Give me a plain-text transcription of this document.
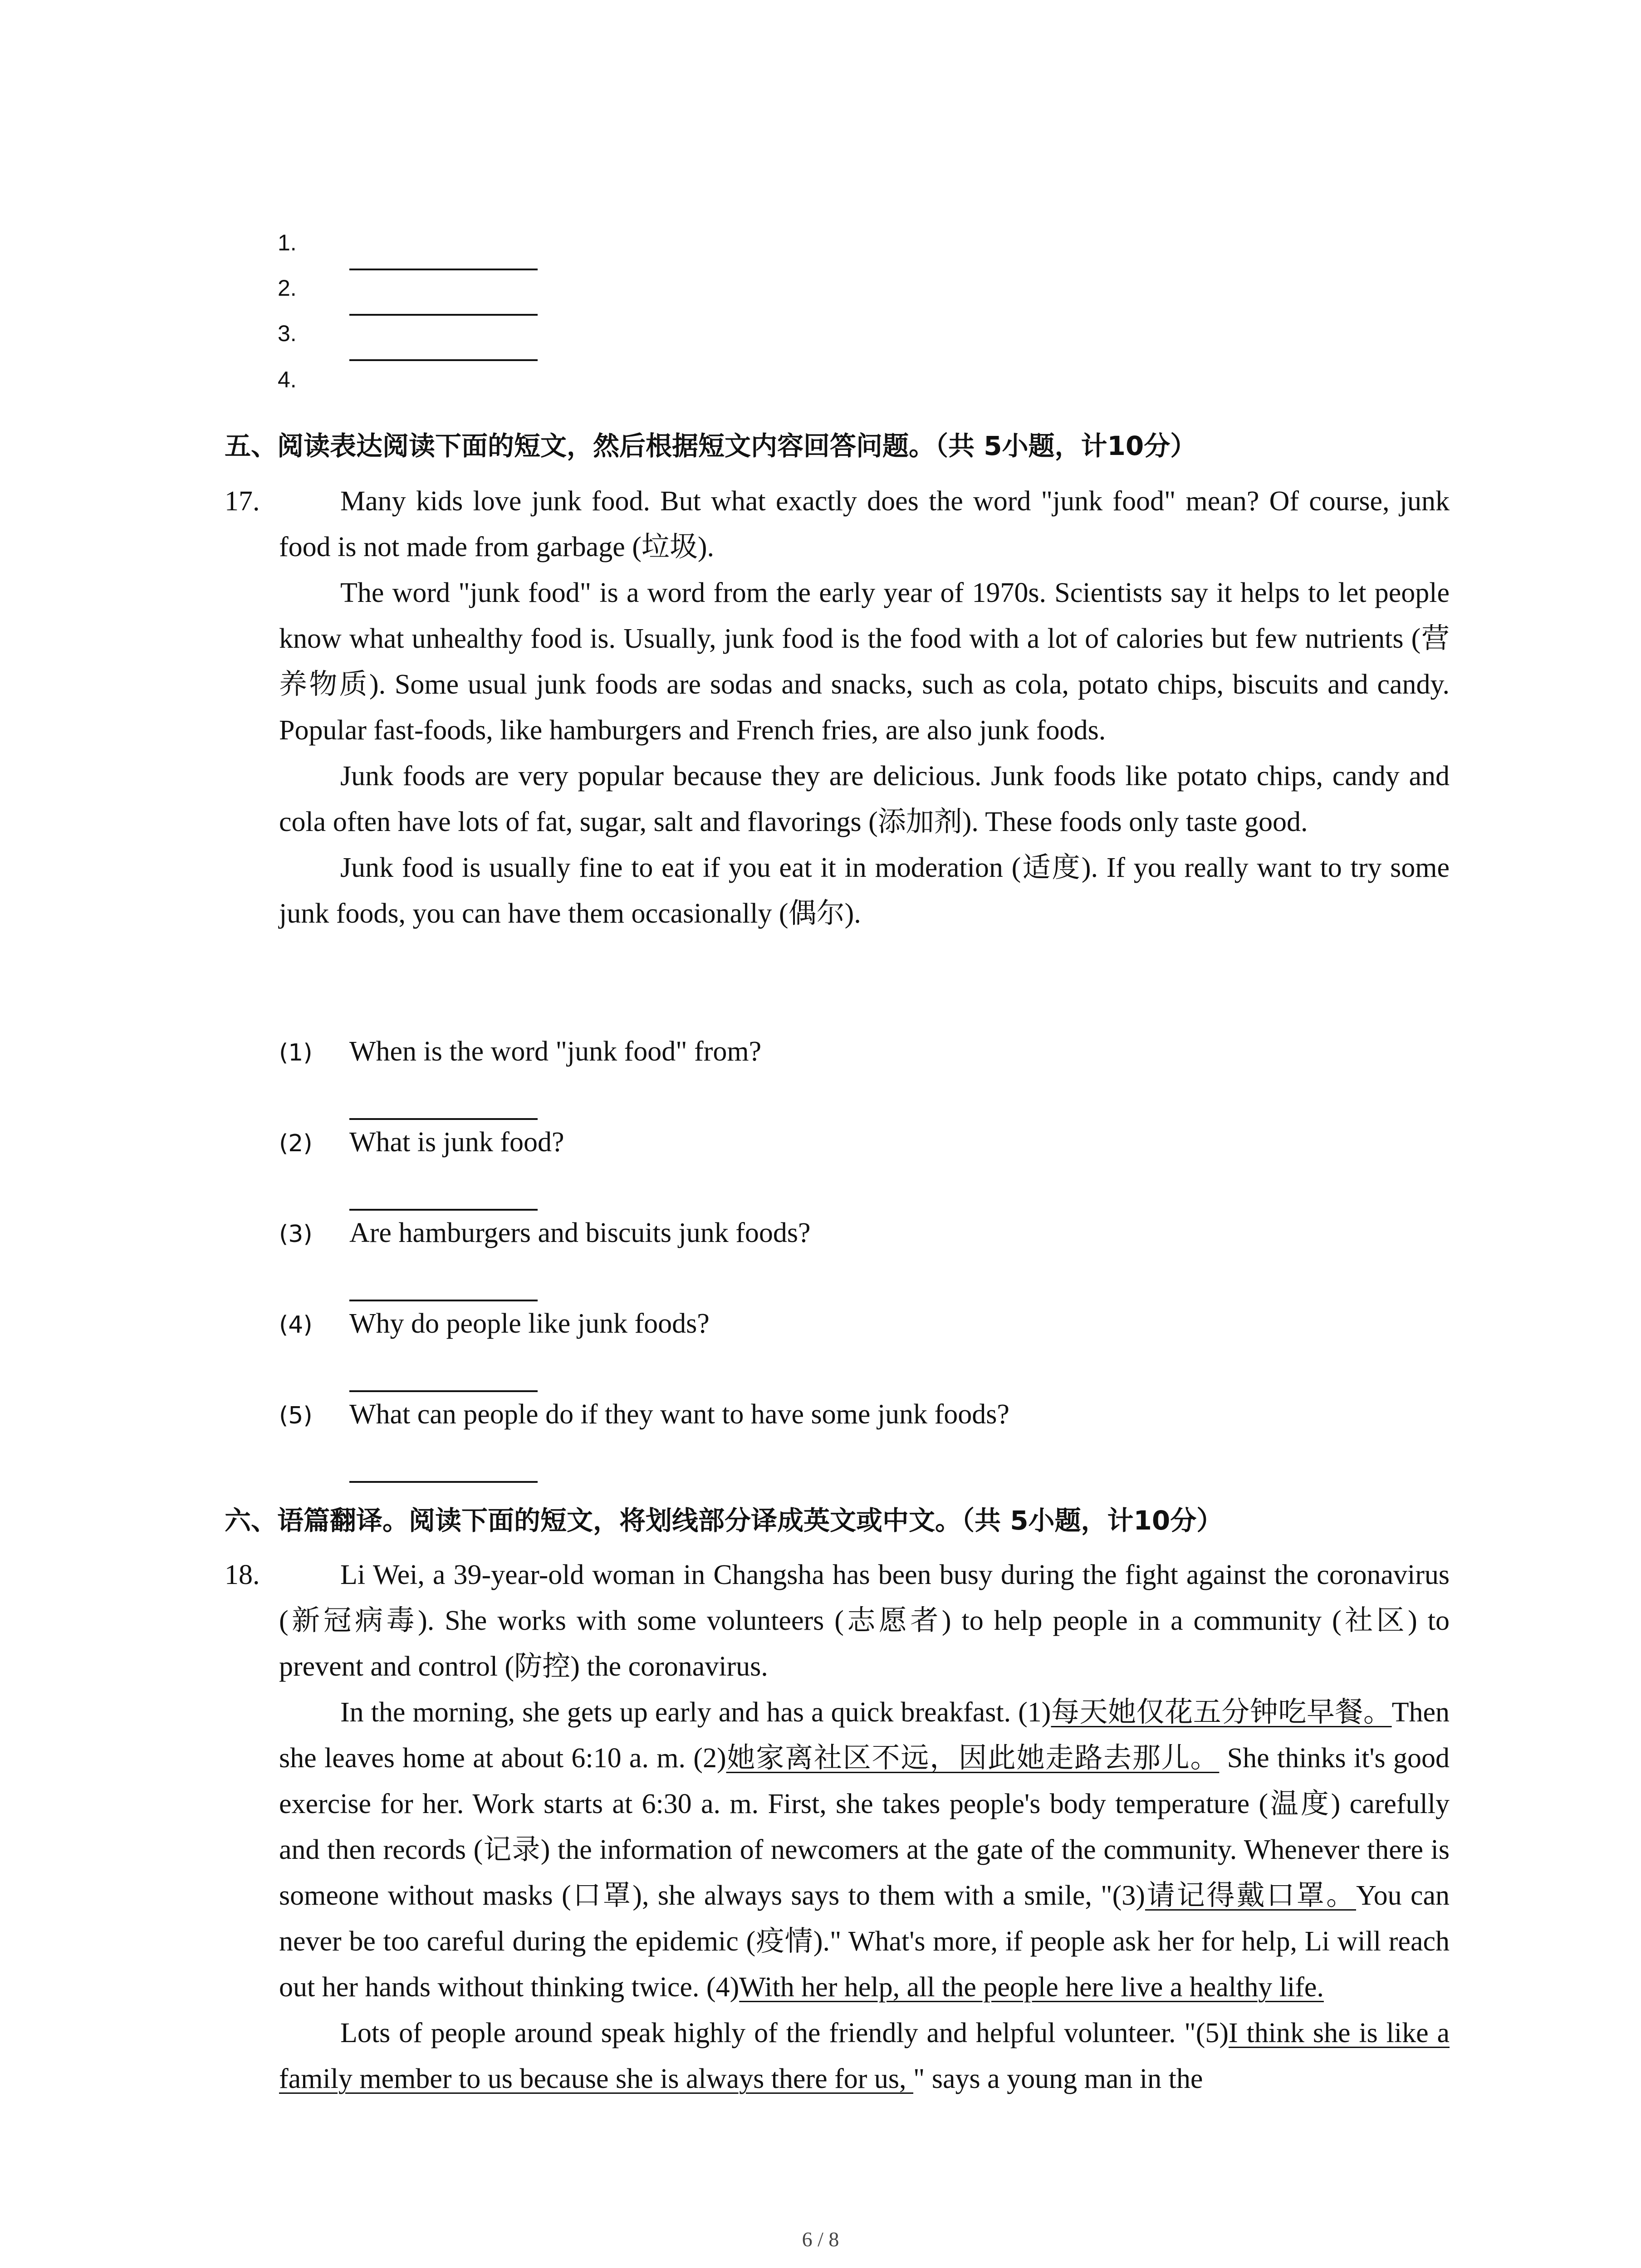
1.
2.
3.
4.
五、阅读表达阅读下面的短文，然后根据短文内容回答问题。（共 5小题，计10分）
17.	Many kids love junk food. But what exactly does the word "junk food" mean? Of course, junk food is not made from garbage (垃圾).

The word "junk food" is a word from the early year of 1970s. Scientists say it helps to let people know what unhealthy food is. Usually, junk food is the food with a lot of calories but few nutrients (营养物质). Some usual junk foods are sodas and snacks, such as cola, potato chips, biscuits and candy. Popular fast-foods, like hamburgers and French fries, are also junk foods.

Junk foods are very popular because they are delicious. Junk foods like potato chips, candy and cola often have lots of fat, sugar, salt and flavorings (添加剂). These foods only taste good.

Junk food is usually fine to eat if you eat it in moderation (适度). If you really want to try some junk foods, you can have them occasionally (偶尔).

(1) When is the word "junk food" from?
(2) What is junk food?
(3) Are hamburgers and biscuits junk foods?
(4) Why do people like junk foods?
(5) What can people do if they want to have some junk foods?
六、语篇翻译。阅读下面的短文，将划线部分译成英文或中文。（共 5小题，计10分）
18.	Li Wei, a 39-year-old woman in Changsha has been busy during the fight against the coronavirus (新冠病毒). She works with some volunteers (志愿者) to help people in a community (社区) to prevent and control (防控) the coronavirus.

In the morning, she gets up early and has a quick breakfast. (1)每天她仅花五分钟吃早餐。Then she leaves home at about 6:10 a. m. (2)她家离社区不远，因此她走路去那儿。 She thinks it's good exercise for her. Work starts at 6:30 a. m. First, she takes people's body temperature (温度) carefully and then records (记录) the information of newcomers at the gate of the community. Whenever there is someone without masks (口罩), she always says to them with a smile, "(3)请记得戴口罩。You can never be too careful during the epidemic (疫情)." What's more, if people ask her for help, Li will reach out her hands without thinking twice. (4)With her help, all the people here live a healthy life.

Lots of people around speak highly of the friendly and helpful volunteer. "(5)I think she is like a family member to us because she is always there for us, " says a young man in the

6 / 8
